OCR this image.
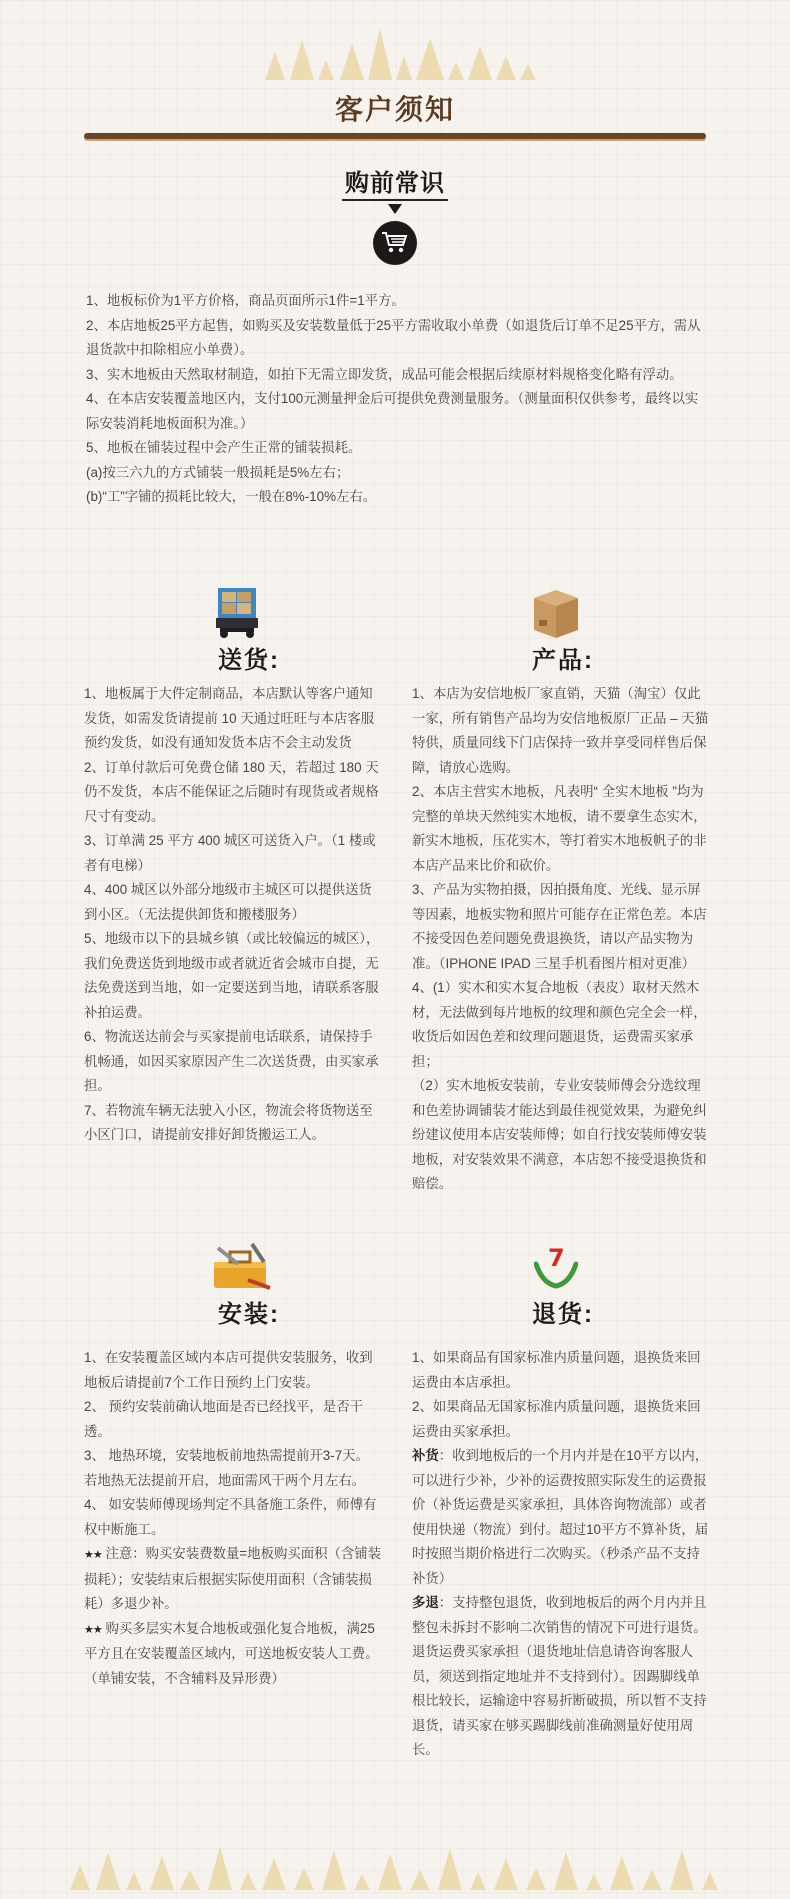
客户须知
购前常识

1、地板标价为1平方价格，商品页面所示1件=1平方。

2、本店地板25平方起售，如购买及安装数量低于25平方需收取小单费（如退货后订单不足25平方，需从退货款中扣除相应小单费）。

3、实木地板由天然取材制造，如拍下无需立即发货，成品可能会根据后续原材料规格变化略有浮动。

4、在本店安装覆盖地区内，支付100元测量押金后可提供免费测量服务。（测量面积仅供参考，最终以实际安装消耗地板面积为准。）

5、地板在铺装过程中会产生正常的铺装损耗。

(a)按三六九的方式铺装一般损耗是5%左右；

(b)“工”字铺的损耗比较大，一般在8%-10%左右。

送货:	产品:

1、地板属于大件定制商品，本店默认等客户通知发货，如需发货请提前 10 天通过旺旺与本店客服预约发货，如没有通知发货本店不会主动发货

2、订单付款后可免费仓储 180 天，若超过 180 天仍不发货，本店不能保证之后随时有现货或者规格尺寸有变动。

3、订单满 25 平方 400 城区可送货入户。（1 楼或者有电梯）

4、400 城区以外部分地级市主城区可以提供送货到小区。（无法提供卸货和搬楼服务）

5、地级市以下的县城乡镇（或比较偏远的城区），我们免费送货到地级市或者就近省会城市自提，无法免费送到当地，如一定要送到当地，请联系客服补拍运费。

6、物流送达前会与买家提前电话联系，请保持手机畅通，如因买家原因产生二次送货费，由买家承担。

7、若物流车辆无法驶入小区，物流会将货物送至小区门口，请提前安排好卸货搬运工人。

1、本店为安信地板厂家直销，天猫（淘宝）仅此一家，所有销售产品均为安信地板原厂正品 – 天猫特供，质量同线下门店保持一致并享受同样售后保障，请放心选购。

2、本店主营实木地板，凡表明“ 全实木地板 ”均为完整的单块天然纯实木地板，请不要拿生态实木，新实木地板，压花实木，等打着实木地板帆子的非本店产品来比价和砍价。

3、产品为实物拍摄，因拍摄角度、光线、显示屏等因素，地板实物和照片可能存在正常色差。本店不接受因色差问题免费退换货，请以产品实物为准。（IPHONE IPAD 三星手机看图片相对更准）

4、(1）实木和实木复合地板（表皮）取材天然木材，无法做到每片地板的纹理和颜色完全会一样，收货后如因色差和纹理问题退货，运费需买家承担；

（2）实木地板安装前，专业安装师傅会分选纹理和色差协调铺装才能达到最佳视觉效果，为避免纠纷建议使用本店安装师傅；如自行找安装师傅安装地板，对安装效果不满意，本店恕不接受退换货和赔偿。

安装:
7
退货:

1、在安装覆盖区域内本店可提供安装服务，收到地板后请提前7个工作日预约上门安装。

2、 预约安装前确认地面是否已经找平，是否干透。

3、 地热环境，安装地板前地热需提前开3-7天。若地热无法提前开启，地面需风干两个月左右。

4、 如安装师傅现场判定不具备施工条件，师傅有权中断施工。

★★ 注意：购买安装费数量=地板购买面积（含铺装损耗）；安装结束后根据实际使用面积（含铺装损耗）多退少补。

★★ 购买多层实木复合地板或强化复合地板，满25平方且在安装覆盖区域内，可送地板安装人工费。（单铺安装，不含辅料及异形费）

1、如果商品有国家标准内质量问题，退换货来回运费由本店承担。

2、如果商品无国家标准内质量问题，退换货来回运费由买家承担。

补货：收到地板后的一个月内并是在10平方以内，可以进行少补，少补的运费按照实际发生的运费报价（补货运费是买家承担，具体咨询物流部）或者使用快递（物流）到付。超过10平方不算补货，届时按照当期价格进行二次购买。（秒杀产品不支持补货）

多退：支持整包退货，收到地板后的两个月内并且整包未拆封不影响二次销售的情况下可进行退货。退货运费买家承担（退货地址信息请咨询客服人员，须送到指定地址并不支持到付）。因踢脚线单根比较长，运输途中容易折断破损，所以暂不支持退货，请买家在够买踢脚线前准确测量好使用周长。
